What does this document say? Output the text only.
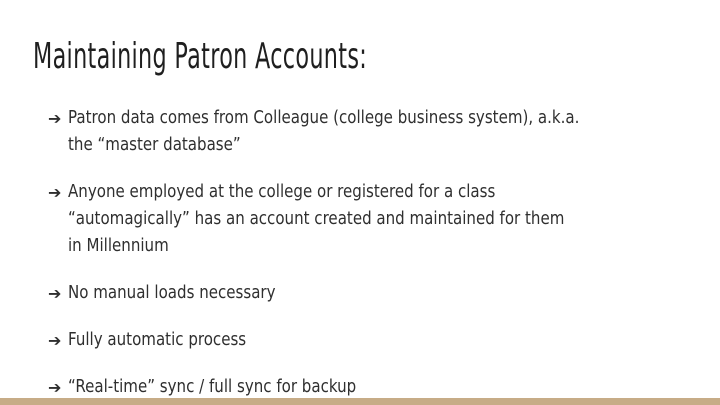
Maintaining Patron Accounts:
➔ Patron data comes from Colleague (college business system), a.k.a.
the “master database”
➔ Anyone employed at the college or registered for a class
“automagically” has an account created and maintained for them
in Millennium
➔ No manual loads necessary
➔ Fully automatic process
➔ “Real-time” sync / full sync for backup
